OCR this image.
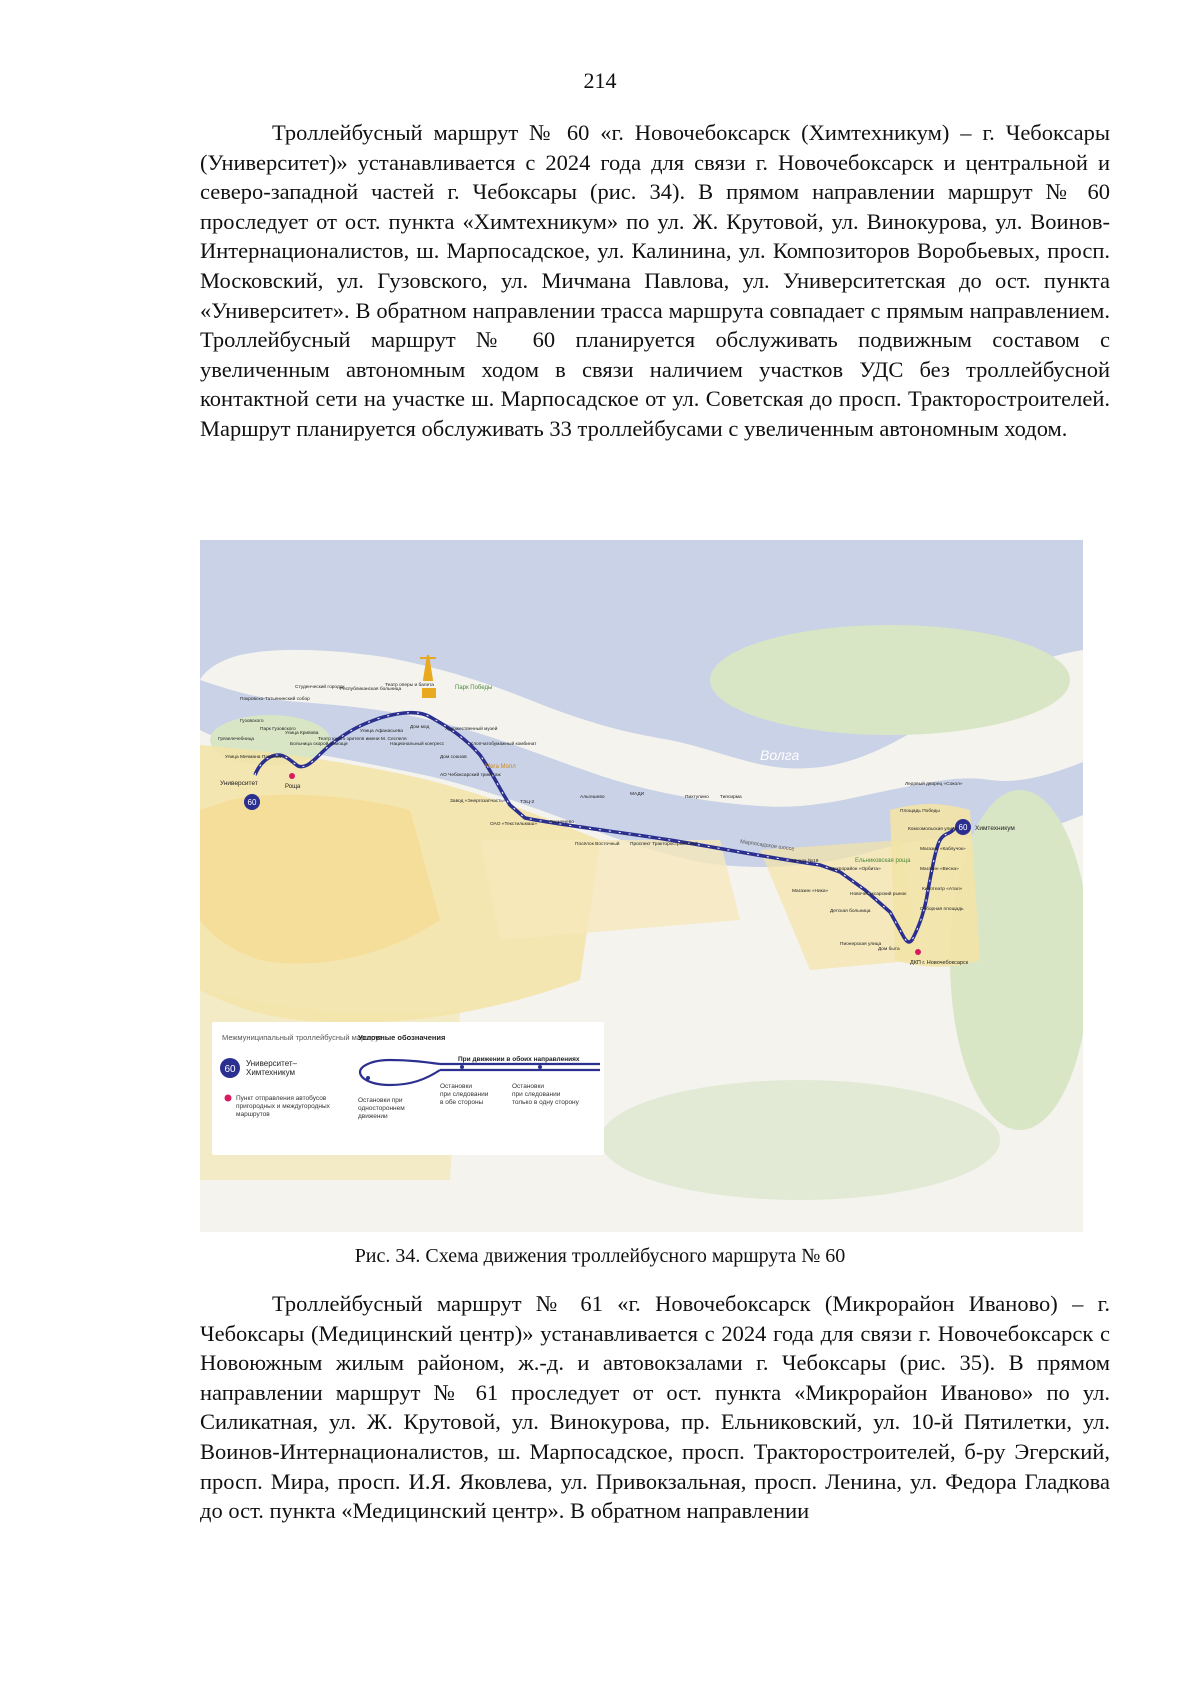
214

Троллейбусный маршрут № 60 «г. Новочебоксарск (Химтехникум) – г. Чебоксары (Университет)» устанавливается с 2024 года для связи г. Новочебоксарск и центральной и северо-западной частей г. Чебоксары (рис. 34). В прямом направлении маршрут № 60 проследует от ост. пункта «Химтехникум» по ул. Ж. Крутовой, ул. Винокурова, ул. Воинов-Интернационалистов, ш. Марпосадское, ул. Калинина, ул. Композиторов Воробьевых, просп. Московский, ул. Гузовского, ул. Мичмана Павлова, ул. Университетская до ост. пункта «Университет». В обратном направлении трасса маршрута совпадает с прямым направлением. Троллейбусный маршрут № 60 планируется обслуживать подвижным составом с увеличенным автономным ходом в связи наличием участков УДС без троллейбусной контактной сети на участке ш. Марпосадское от ул. Советская до просп. Тракторостроителей. Маршрут планируется обслуживать 33 троллейбусами с увеличенным автономным ходом.

60
60
Волга
Университет
Химтехникум
Парк Победы
Ельниковская роща
Мега Молл
Марпосадское шоссе
Роща
ДКП г. Новочебоксарск
Покровско-Татьянинский собор
Студенческий городок
Республиканская больница
Театр оперы и балета
Гузовского
Парк Гузовского
Улица Кривова	Улица Афанасьева
Дом мод
Грязелечебница
Улица Мичмана Павлова
Больница скорой помощи
Театр юного зрителя имени М. Сеспеля
Национальный конгресс
Художественный музей
Хлопчатобумажный комбинат
Дом союзов
АО Чебоксарский трикотаж
Завод «Энергозапчасть»	ТЭЦ-2
ОАО «Текстильмаш»	Гремячево
Альгешево
Посёлок Восточный
МАДИ
Проспект Тракторостроителей
Пихтулино Типсирма
Школа №19
Микрорайон «Орбита»
Магазин «Ника»
Новочебоксарский рынок
Детская больница
Пионерская улица
Дом быта
Ледовый дворец «Сокол»
Площадь Победы
Комсомольская улица
Магазин «Каблучок»
Магазин «Весна»
Кинотеатр «Атал»
Соборная площадь
Межмуниципальный троллейбусный маршрут
60
Университет–
Химтехникум
Пункт отправления автобусов
пригородных и междугородных
маршрутов
Условные обозначения
При движении в обоих направлениях
Остановки при
одностороннем
движении
Остановки
при следовании
в обе стороны
Остановки
при следовании
только в одну сторону
Рис. 34. Схема движения троллейбусного маршрута № 60

Троллейбусный маршрут № 61 «г. Новочебоксарск (Микрорайон Иваново) – г. Чебоксары (Медицинский центр)» устанавливается с 2024 года для связи г. Новочебоксарск с Новоюжным жилым районом, ж.-д. и автовокзалами г. Чебоксары (рис. 35). В прямом направлении маршрут № 61 проследует от ост. пункта «Микрорайон Иваново» по ул. Силикатная, ул. Ж. Крутовой, ул. Винокурова, пр. Ельниковский, ул. 10-й Пятилетки, ул. Воинов-Интернационалистов, ш. Марпосадское, просп. Тракторостроителей, б-ру Эгерский, просп. Мира, просп. И.Я. Яковлева, ул. Привокзальная, просп. Ленина, ул. Федора Гладкова до ост. пункта «Медицинский центр». В обратном направлении
